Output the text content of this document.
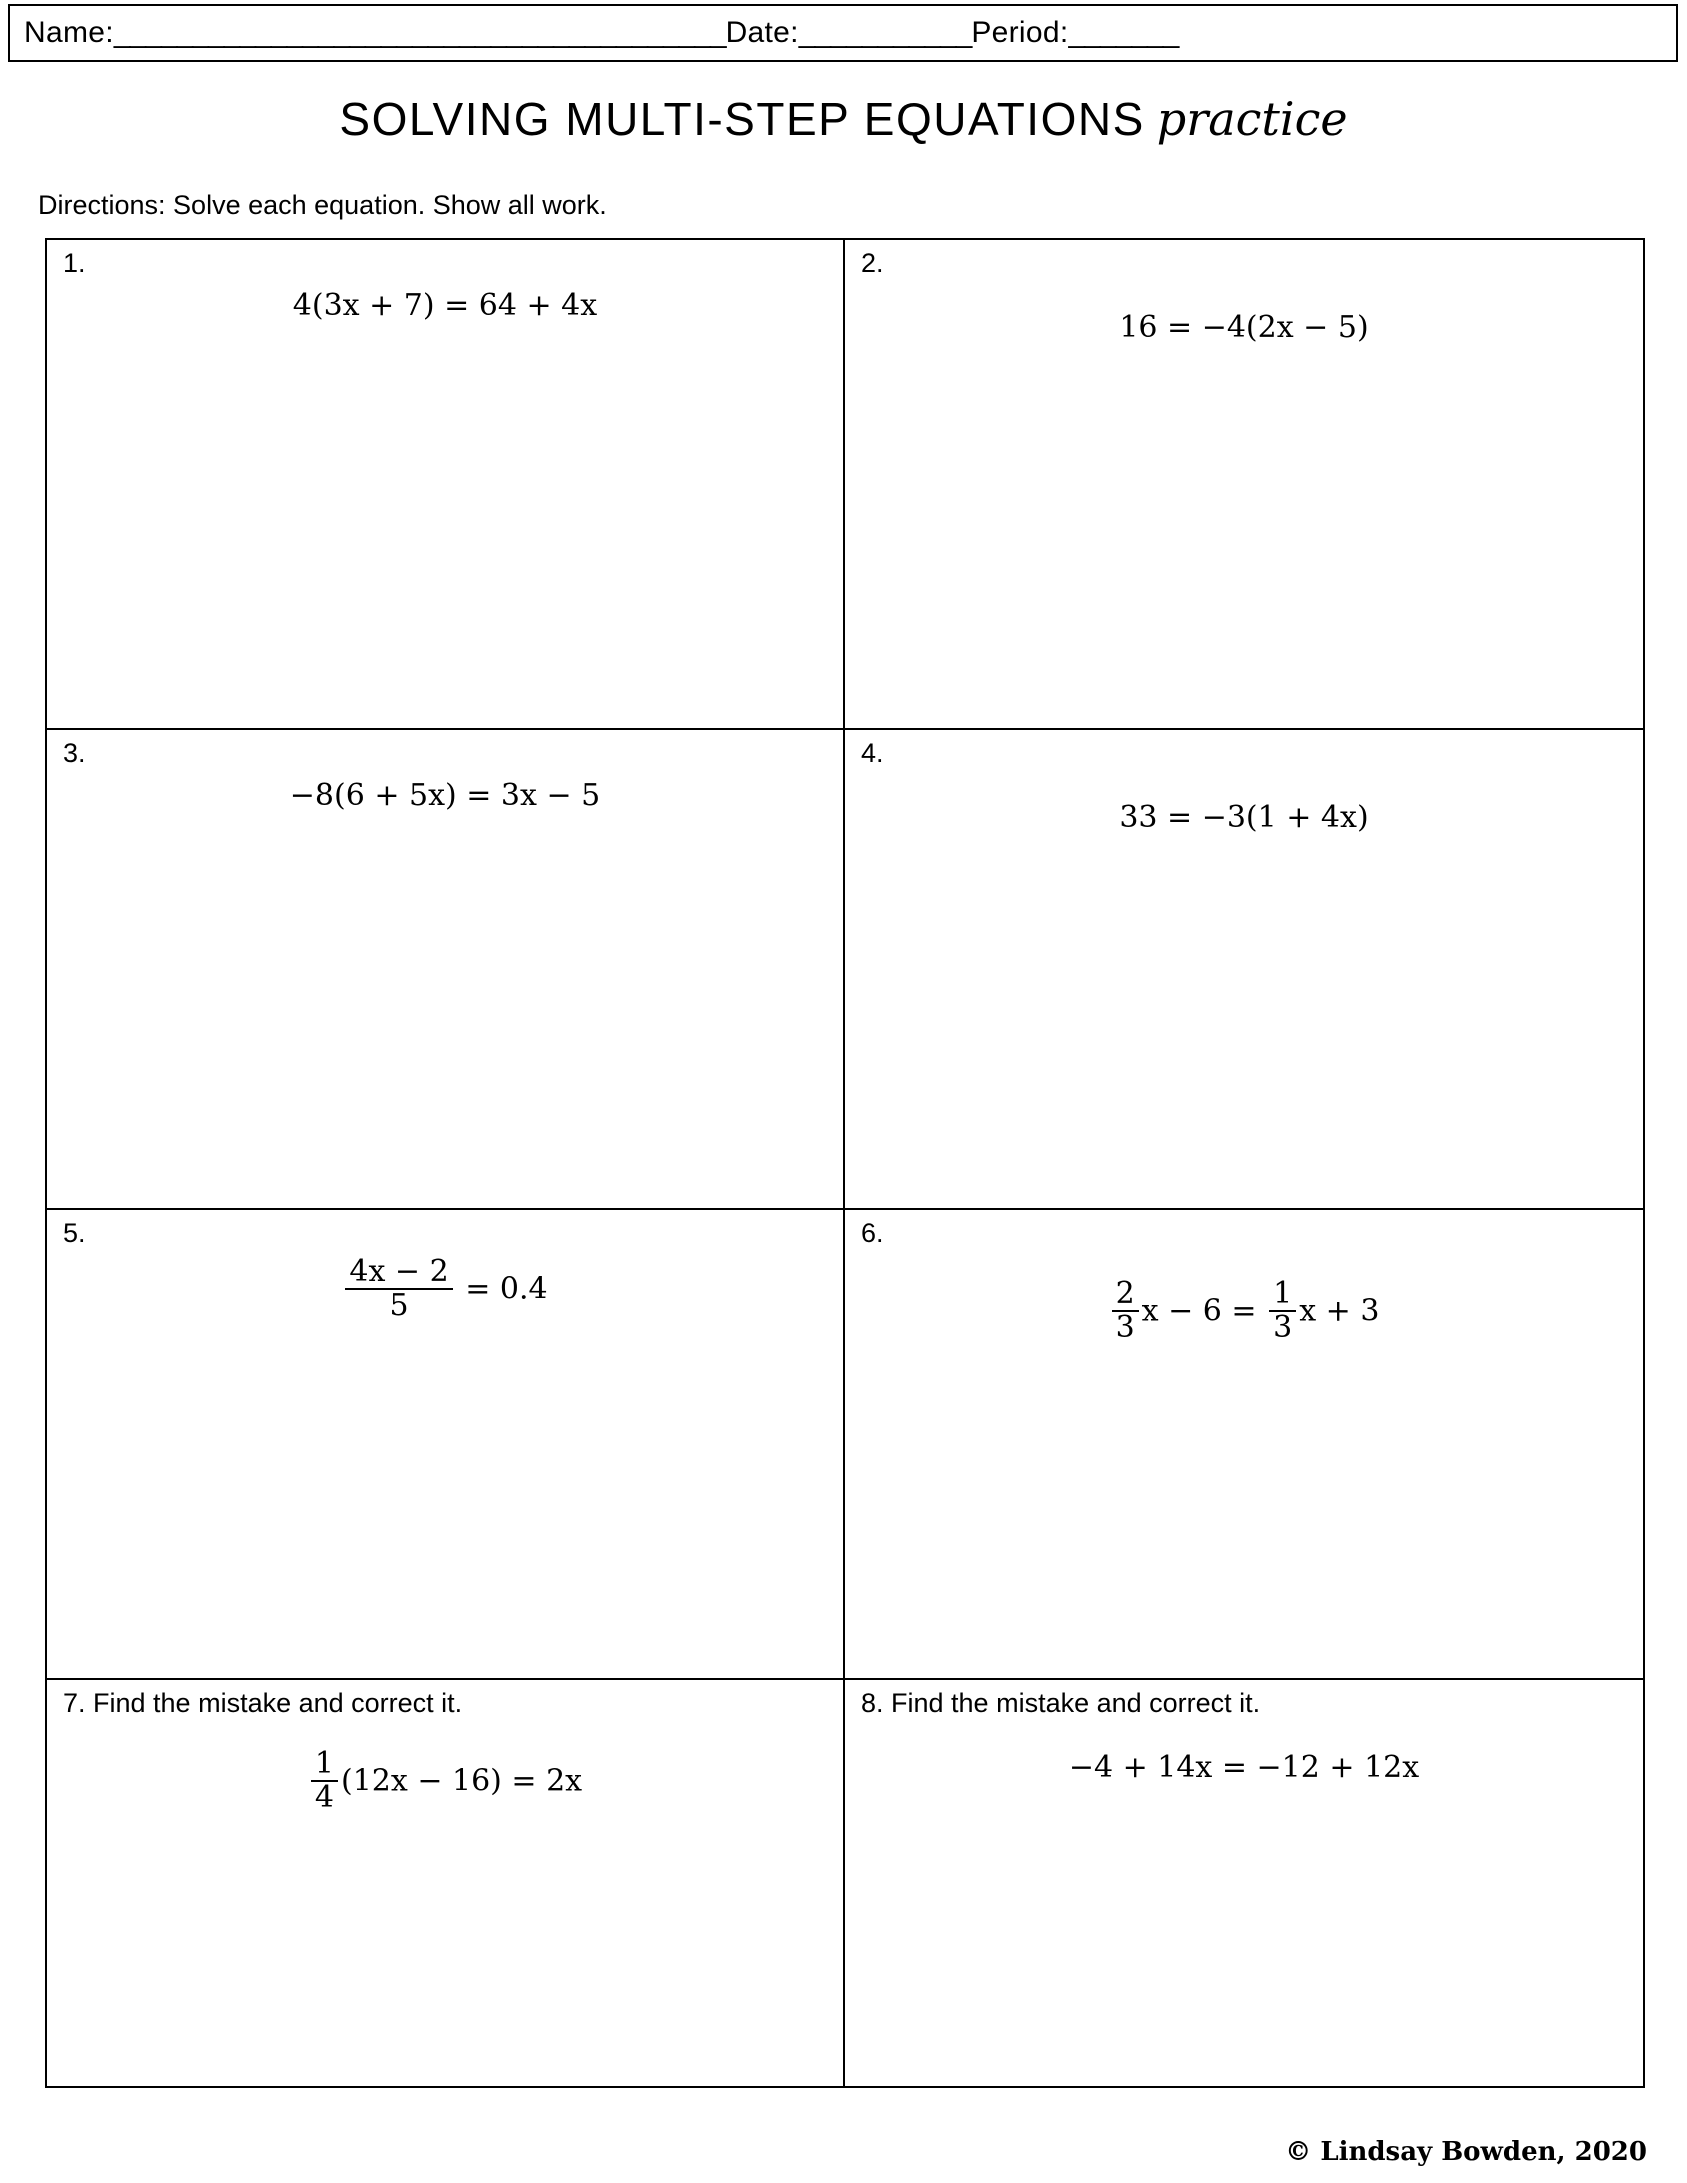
Name: _______________________________________ Date: ___________ Period: _______
SOLVING MULTI-STEP EQUATIONS practice
Directions: Solve each equation. Show all work.
1.
4(3x + 7) = 64 + 4x
2.
16 = −4(2x − 5)
3.
−8(6 + 5x) = 3x − 5
4.
33 = −3(1 + 4x)
5.
$\frac{4x - 2}{5} = 0.4$
6.
$\frac{2}{3}$ $x - 6 = \frac{1}{3}$ x + 3
7. Find the mistake and correct it.
$\frac{1}{4} (12x - 16) = 2x$
8. Find the mistake and correct it.
−4 + 14x = −12 + 12x
© Lindsay Bowden, 2020
